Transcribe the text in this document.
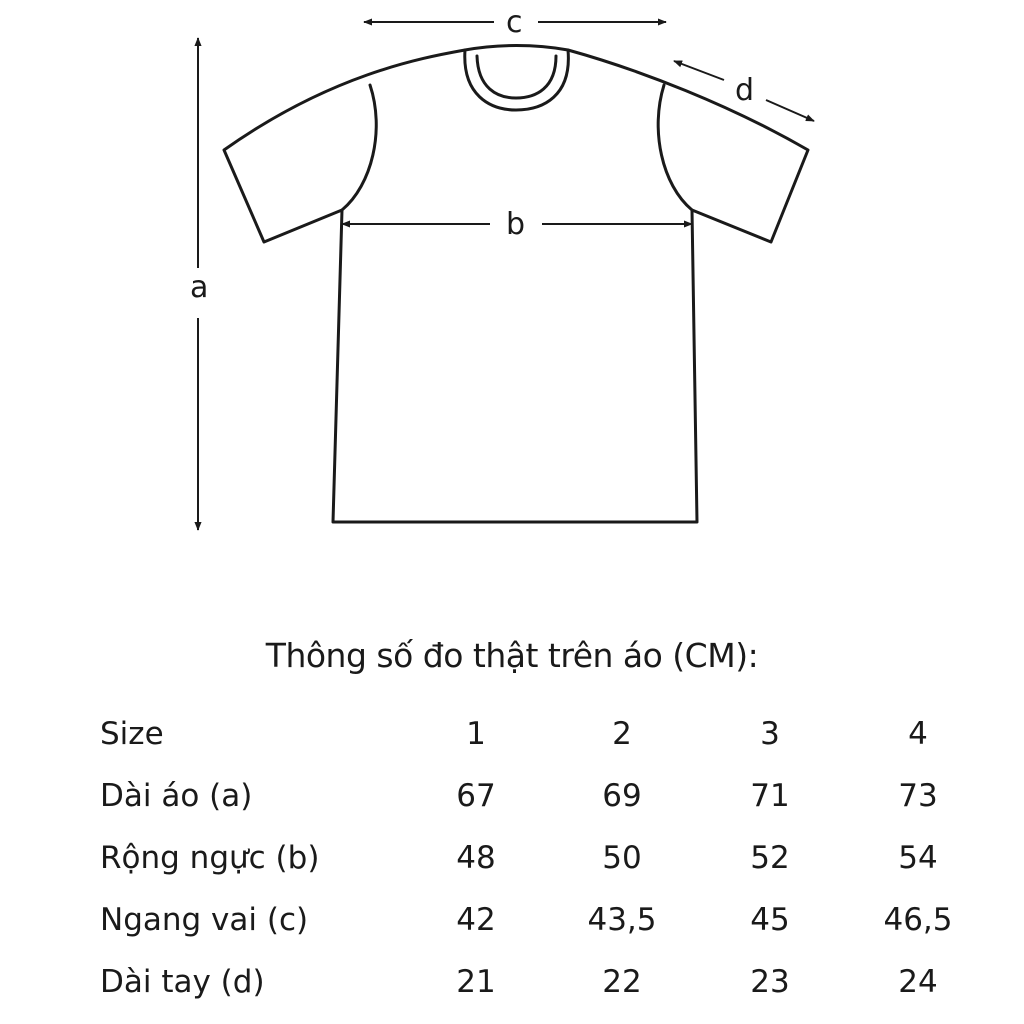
a
b
c
d
Thông số đo thật trên áo (CM):
Size	1	2	3	4
Dài áo (a)	67	69	71	73
Rộng ngực (b)	48	50	52	54
Ngang vai (c)	42	43,5	45	46,5
Dài tay (d)	21	22	23	24
